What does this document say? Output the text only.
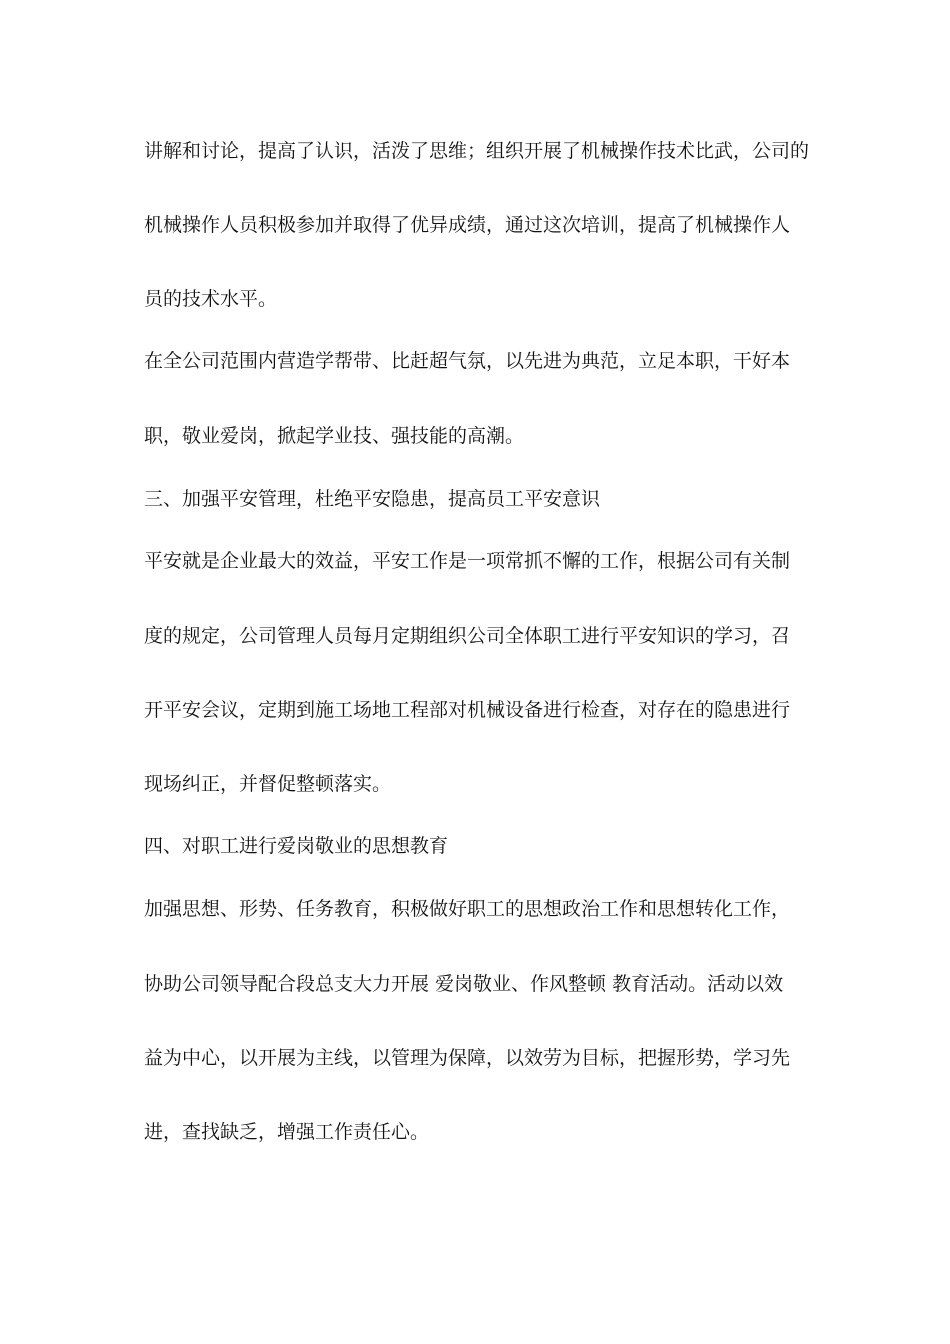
讲解和讨论，提高了认识，活泼了思维；组织开展了机械操作技术比武，公司的

机械操作人员积极参加并取得了优异成绩，通过这次培训，提高了机械操作人

员的技术水平。

在全公司范围内营造学帮带、比赶超气氛，以先进为典范，立足本职，干好本

职，敬业爱岗，掀起学业技、强技能的高潮。

三、加强平安管理，杜绝平安隐患，提高员工平安意识

平安就是企业最大的效益，平安工作是一项常抓不懈的工作，根据公司有关制

度的规定，公司管理人员每月定期组织公司全体职工进行平安知识的学习，召

开平安会议，定期到施工场地工程部对机械设备进行检查，对存在的隐患进行

现场纠正，并督促整顿落实。

四、对职工进行爱岗敬业的思想教育

加强思想、形势、任务教育，积极做好职工的思想政治工作和思想转化工作，

协助公司领导配合段总支大力开展 爱岗敬业、作风整顿 教育活动。活动以效

益为中心，以开展为主线，以管理为保障，以效劳为目标，把握形势，学习先

进，查找缺乏，增强工作责任心。
